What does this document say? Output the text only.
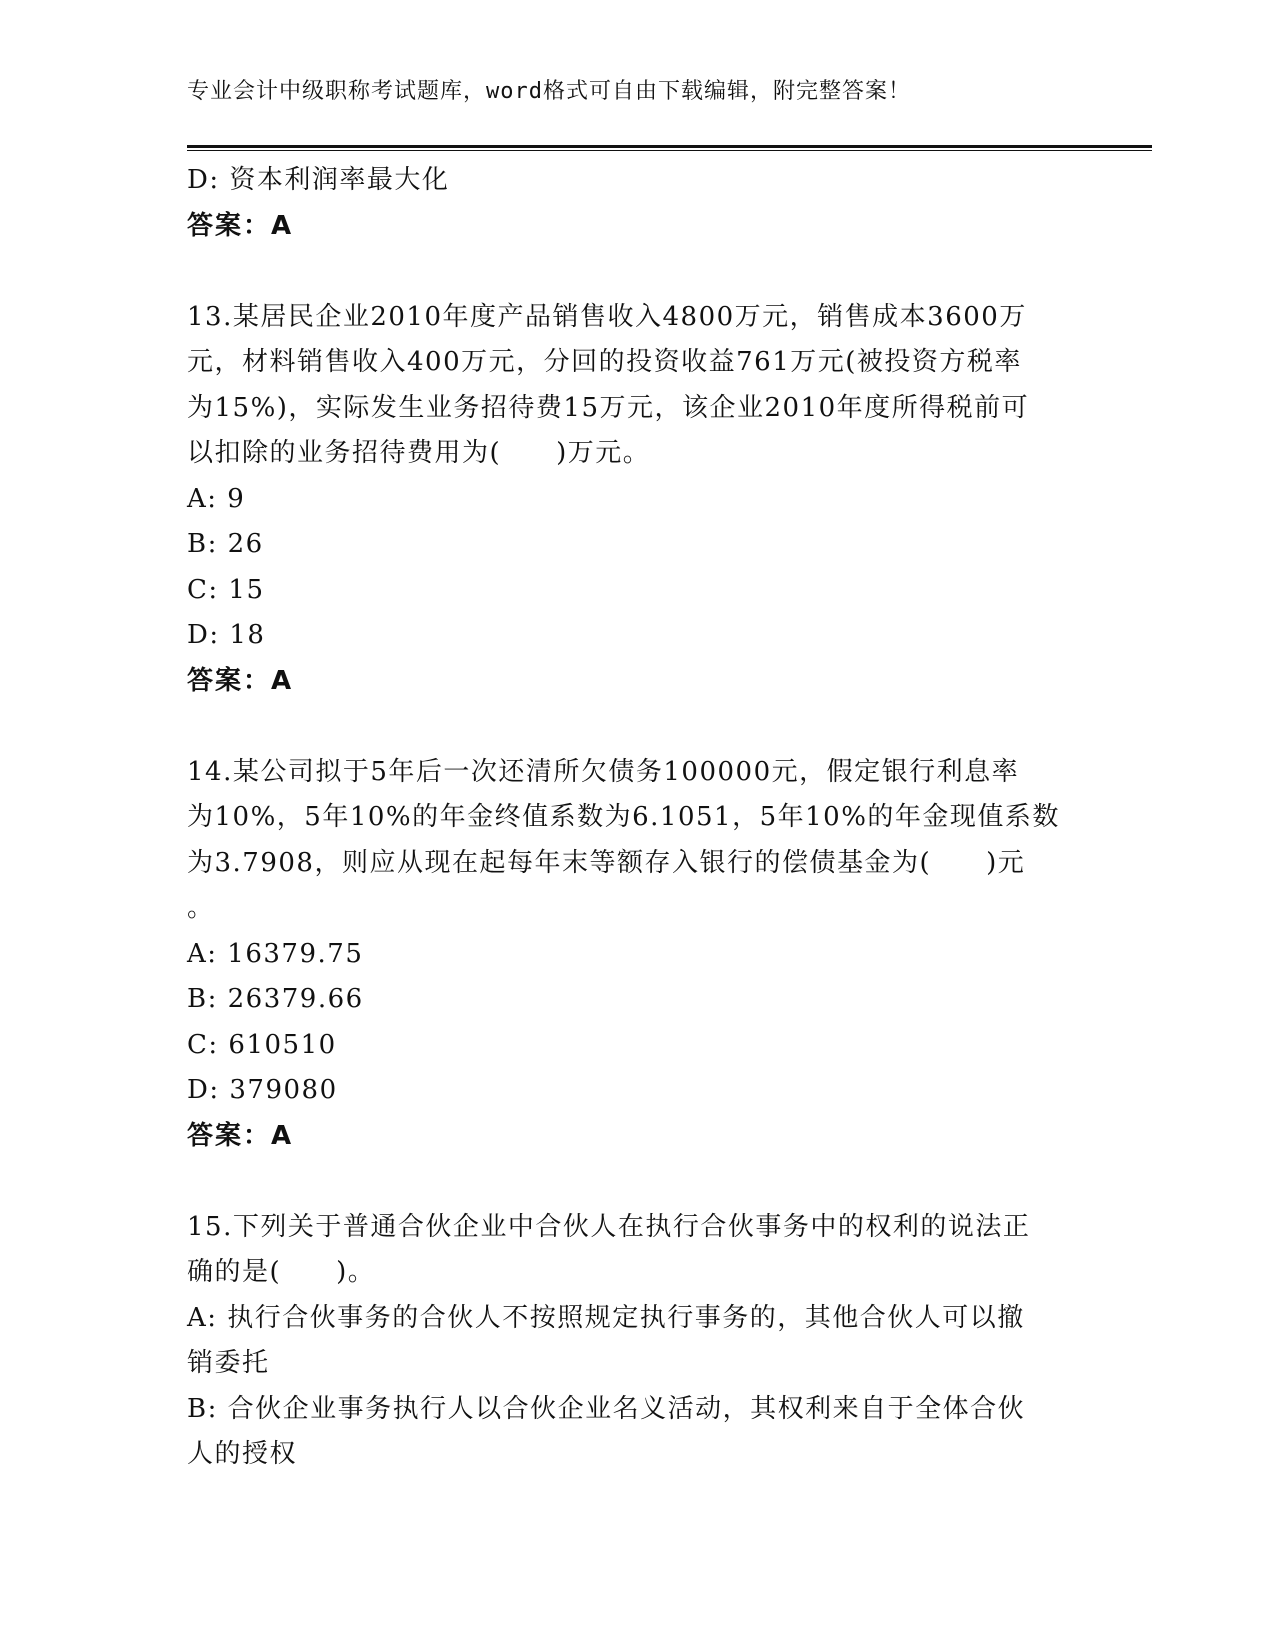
专业会计中级职称考试题库，word格式可自由下载编辑，附完整答案！
D: 资本利润率最大化
答案：A
13.某居民企业2010年度产品销售收入4800万元，销售成本3600万
元，材料销售收入400万元，分回的投资收益761万元(被投资方税率
为15%)，实际发生业务招待费15万元，该企业2010年度所得税前可
以扣除的业务招待费用为(　　)万元。
A: 9
B: 26
C: 15
D: 18
答案：A
14.某公司拟于5年后一次还清所欠债务100000元，假定银行利息率
为10%，5年10%的年金终值系数为6.1051，5年10%的年金现值系数
为3.7908，则应从现在起每年末等额存入银行的偿债基金为(　　)元
。
A: 16379.75
B: 26379.66
C: 610510
D: 379080
答案：A
15.下列关于普通合伙企业中合伙人在执行合伙事务中的权利的说法正
确的是(　　)。
A: 执行合伙事务的合伙人不按照规定执行事务的，其他合伙人可以撤
销委托
B: 合伙企业事务执行人以合伙企业名义活动，其权利来自于全体合伙
人的授权
